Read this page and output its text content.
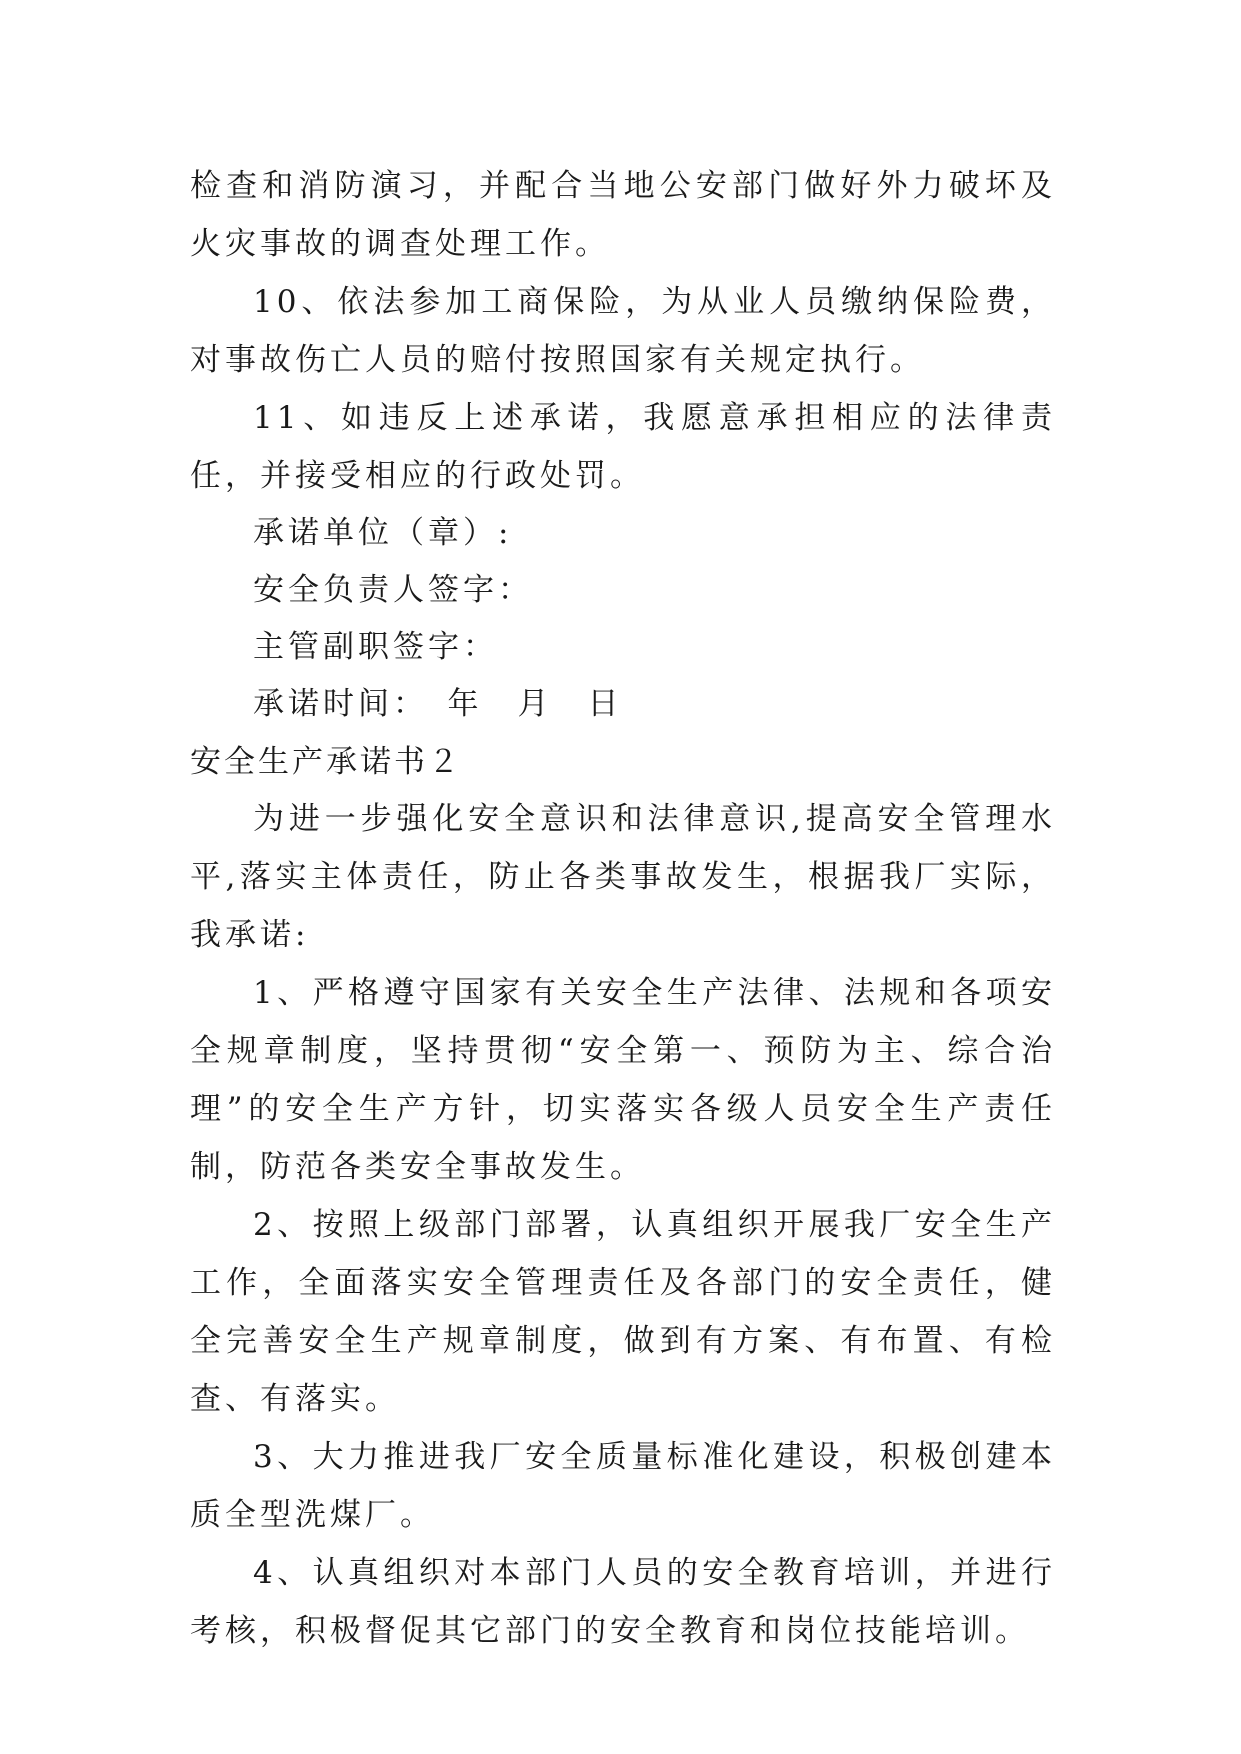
检查和消防演习，并配合当地公安部门做好外力破坏及火灾事故的调查处理工作。

10、依法参加工商保险，为从业人员缴纳保险费，对事故伤亡人员的赔付按照国家有关规定执行。

11、如违反上述承诺，我愿意承担相应的法律责任，并接受相应的行政处罚。

承诺单位（章）:

安全负责人签字：

主管副职签字：

承诺时间：　年　月　日

安全生产承诺书２

为进一步强化安全意识和法律意识,提高安全管理水平,落实主体责任，防止各类事故发生，根据我厂实际，我承诺:

1、严格遵守国家有关安全生产法律、法规和各项安全规章制度，坚持贯彻“安全第一、预防为主、综合治理”的安全生产方针，切实落实各级人员安全生产责任制，防范各类安全事故发生。

2、按照上级部门部署，认真组织开展我厂安全生产工作，全面落实安全管理责任及各部门的安全责任，健全完善安全生产规章制度，做到有方案、有布置、有检查、有落实。

3、大力推进我厂安全质量标准化建设，积极创建本质全型洗煤厂。

4、认真组织对本部门人员的安全教育培训，并进行考核，积极督促其它部门的安全教育和岗位技能培训。
